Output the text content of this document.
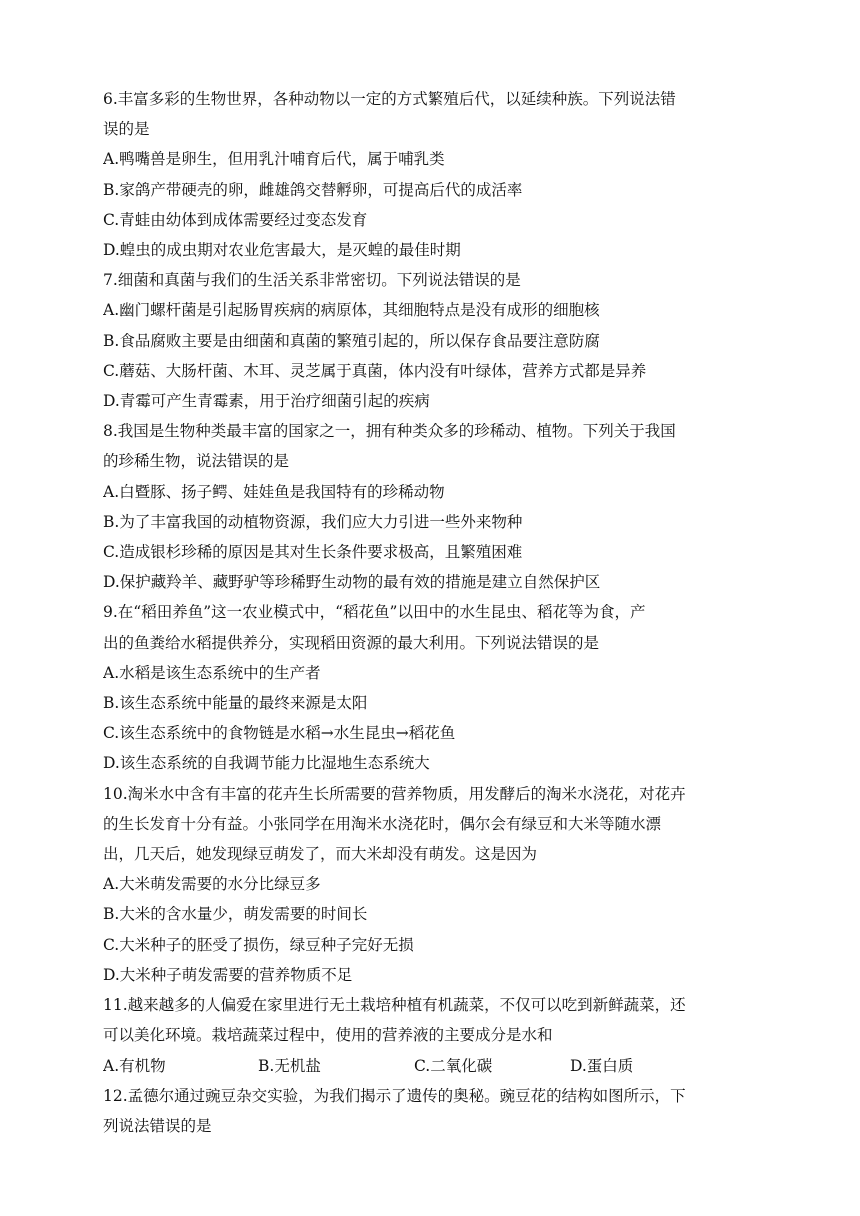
6.丰富多彩的生物世界，各种动物以一定的方式繁殖后代，以延续种族。下列说法错
误的是
A.鸭嘴兽是卵生，但用乳汁哺育后代，属于哺乳类
B.家鸽产带硬壳的卵，雌雄鸽交替孵卵，可提高后代的成活率
C.青蛙由幼体到成体需要经过变态发育
D.蝗虫的成虫期对农业危害最大，是灭蝗的最佳时期
7.细菌和真菌与我们的生活关系非常密切。下列说法错误的是
A.幽门螺杆菌是引起肠胃疾病的病原体，其细胞特点是没有成形的细胞核
B.食品腐败主要是由细菌和真菌的繁殖引起的，所以保存食品要注意防腐
C.蘑菇、大肠杆菌、木耳、灵芝属于真菌，体内没有叶绿体，营养方式都是异养
D.青霉可产生青霉素，用于治疗细菌引起的疾病
8.我国是生物种类最丰富的国家之一，拥有种类众多的珍稀动、植物。下列关于我国
的珍稀生物，说法错误的是
A.白暨豚、扬子鳄、娃娃鱼是我国特有的珍稀动物
B.为了丰富我国的动植物资源，我们应大力引进一些外来物种
C.造成银杉珍稀的原因是其对生长条件要求极高，且繁殖困难
D.保护藏羚羊、藏野驴等珍稀野生动物的最有效的措施是建立自然保护区
9.在“稻田养鱼”这一农业模式中，“稻花鱼”以田中的水生昆虫、稻花等为食，产
出的鱼粪给水稻提供养分，实现稻田资源的最大利用。下列说法错误的是
A.水稻是该生态系统中的生产者
B.该生态系统中能量的最终来源是太阳
C.该生态系统中的食物链是水稻→水生昆虫→稻花鱼
D.该生态系统的自我调节能力比湿地生态系统大
10.淘米水中含有丰富的花卉生长所需要的营养物质，用发酵后的淘米水浇花，对花卉
的生长发育十分有益。小张同学在用淘米水浇花时，偶尔会有绿豆和大米等随水漂
出，几天后，她发现绿豆萌发了，而大米却没有萌发。这是因为
A.大米萌发需要的水分比绿豆多
B.大米的含水量少，萌发需要的时间长
C.大米种子的胚受了损伤，绿豆种子完好无损
D.大米种子萌发需要的营养物质不足
11.越来越多的人偏爱在家里进行无土栽培种植有机蔬菜，不仅可以吃到新鲜蔬菜，还
可以美化环境。栽培蔬菜过程中，使用的营养液的主要成分是水和
A.有机物	B.无机盐	C.二氧化碳	D.蛋白质
12.孟德尔通过豌豆杂交实验，为我们揭示了遗传的奥秘。豌豆花的结构如图所示，下
列说法错误的是
